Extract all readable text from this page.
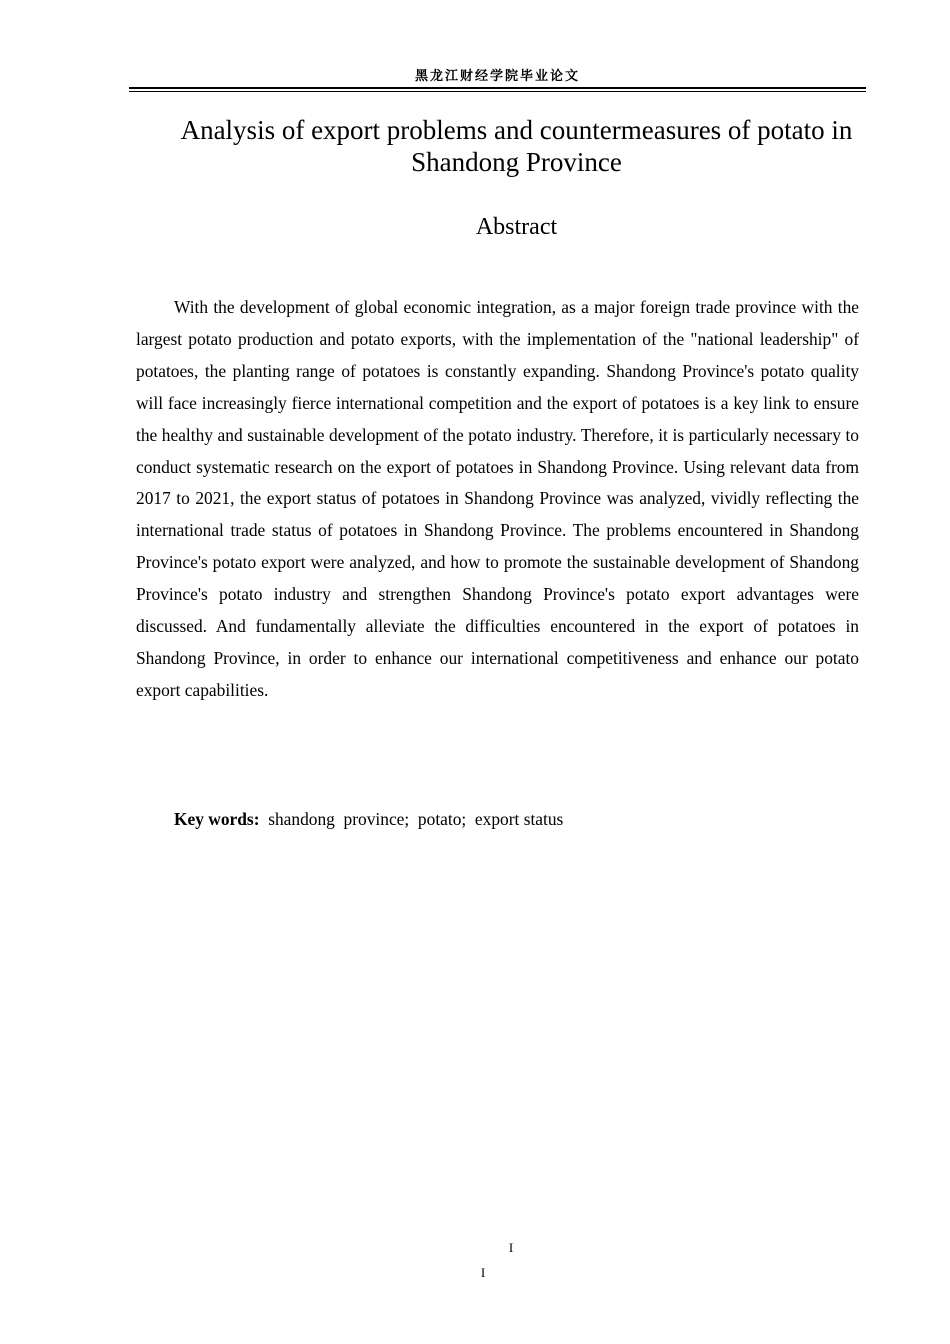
黑龙江财经学院毕业论文
Analysis of export problems and countermeasures of potato in Shandong Province
Abstract

With the development of global economic integration, as a major foreign trade province with the largest potato production and potato exports, with the implementation of the "national leadership" of potatoes, the planting range of potatoes is constantly expanding. Shandong Province's potato quality will face increasingly fierce international competition and the export of potatoes is a key link to ensure the healthy and sustainable development of the potato industry. Therefore, it is particularly necessary to conduct systematic research on the export of potatoes in Shandong Province. Using relevant data from 2017 to 2021, the export status of potatoes in Shandong Province was analyzed, vividly reflecting the international trade status of potatoes in Shandong Province. The problems encountered in Shandong Province's potato export were analyzed, and how to promote the sustainable development of Shandong Province's potato industry and strengthen Shandong Province's potato export advantages were discussed. And fundamentally alleviate the difficulties encountered in the export of potatoes in Shandong Province, in order to enhance our international competitiveness and enhance our potato export capabilities.

Key words: shandong  province;  potato;  export status
I
I
